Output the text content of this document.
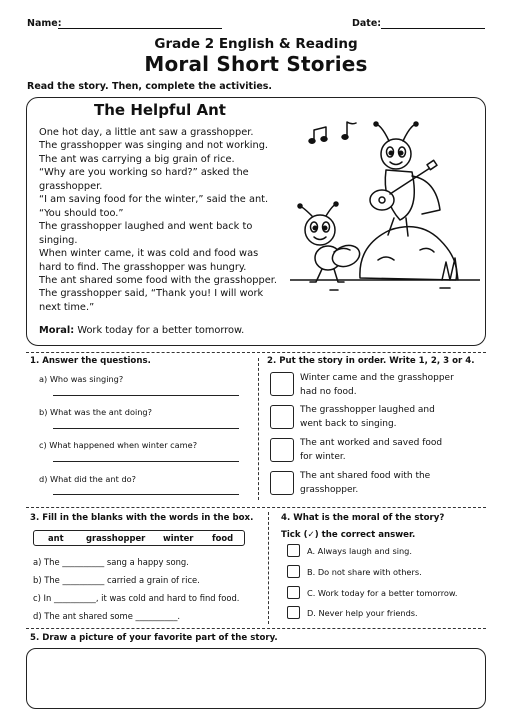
Name:	Date:
Grade 2 English & Reading
Moral Short Stories
Read the story. Then, complete the activities.
The Helpful Ant
One hot day, a little ant saw a grasshopper.
The grasshopper was singing and not working.
The ant was carrying a big grain of rice.
“Why are you working so hard?” asked the
grasshopper.
“I am saving food for the winter,” said the ant.
“You should too.”
The grasshopper laughed and went back to
singing.
When winter came, it was cold and food was
hard to find. The grasshopper was hungry.
The ant shared some food with the grasshopper.
The grasshopper said, “Thank you! I will work
next time.”
Moral: Work today for a better tomorrow.
1. Answer the questions.
a) Who was singing?
b) What was the ant doing?
c) What happened when winter came?
d) What did the ant do?
2. Put the story in order. Write 1, 2, 3 or 4.
Winter came and the grasshopper
had no food.
The grasshopper laughed and
went back to singing.
The ant worked and saved food
for winter.
The ant shared food with the
grasshopper.
3. Fill in the blanks with the words in the box.
ant	grasshopper winter food
a) The __________ sang a happy song.
b) The __________ carried a grain of rice.
c) In __________, it was cold and hard to find food.
d) The ant shared some __________.
4. What is the moral of the story?
Tick (✓) the correct answer.
A. Always laugh and sing.
B. Do not share with others.
C. Work today for a better tomorrow.
D. Never help your friends.
5. Draw a picture of your favorite part of the story.
